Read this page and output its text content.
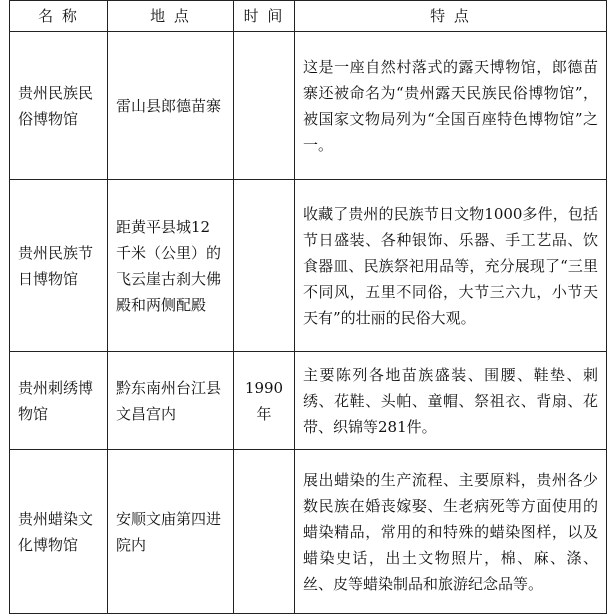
名 称	地 点	时 间	特 点
贵州民族民俗博物馆	雷山县郎德苗寨		这是一座自然村落式的露天博物馆，郎德苗寨还被命名为“贵州露天民族民俗博物馆”，被国家文物局列为“全国百座特色博物馆”之一。
贵州民族节日博物馆	距黄平县城12千米（公里）的飞云崖古刹大佛殿和两侧配殿		收藏了贵州的民族节日文物1000多件，包括节日盛装、各种银饰、乐器、手工艺品、饮食器皿、民族祭祀用品等，充分展现了“三里不同风，五里不同俗，大节三六九，小节天天有”的壮丽的民俗大观。
贵州刺绣博物馆	黔东南州台江县文昌宫内	1990年	主要陈列各地苗族盛装、围腰、鞋垫、刺绣、花鞋、头帕、童帽、祭祖衣、背扇、花带、织锦等281件。
贵州蜡染文化博物馆	安顺文庙第四进院内		展出蜡染的生产流程、主要原料，贵州各少数民族在婚丧嫁娶、生老病死等方面使用的蜡染精品，常用的和特殊的蜡染图样，以及蜡染史话，出土文物照片，棉、麻、涤、丝、皮等蜡染制品和旅游纪念品等。
